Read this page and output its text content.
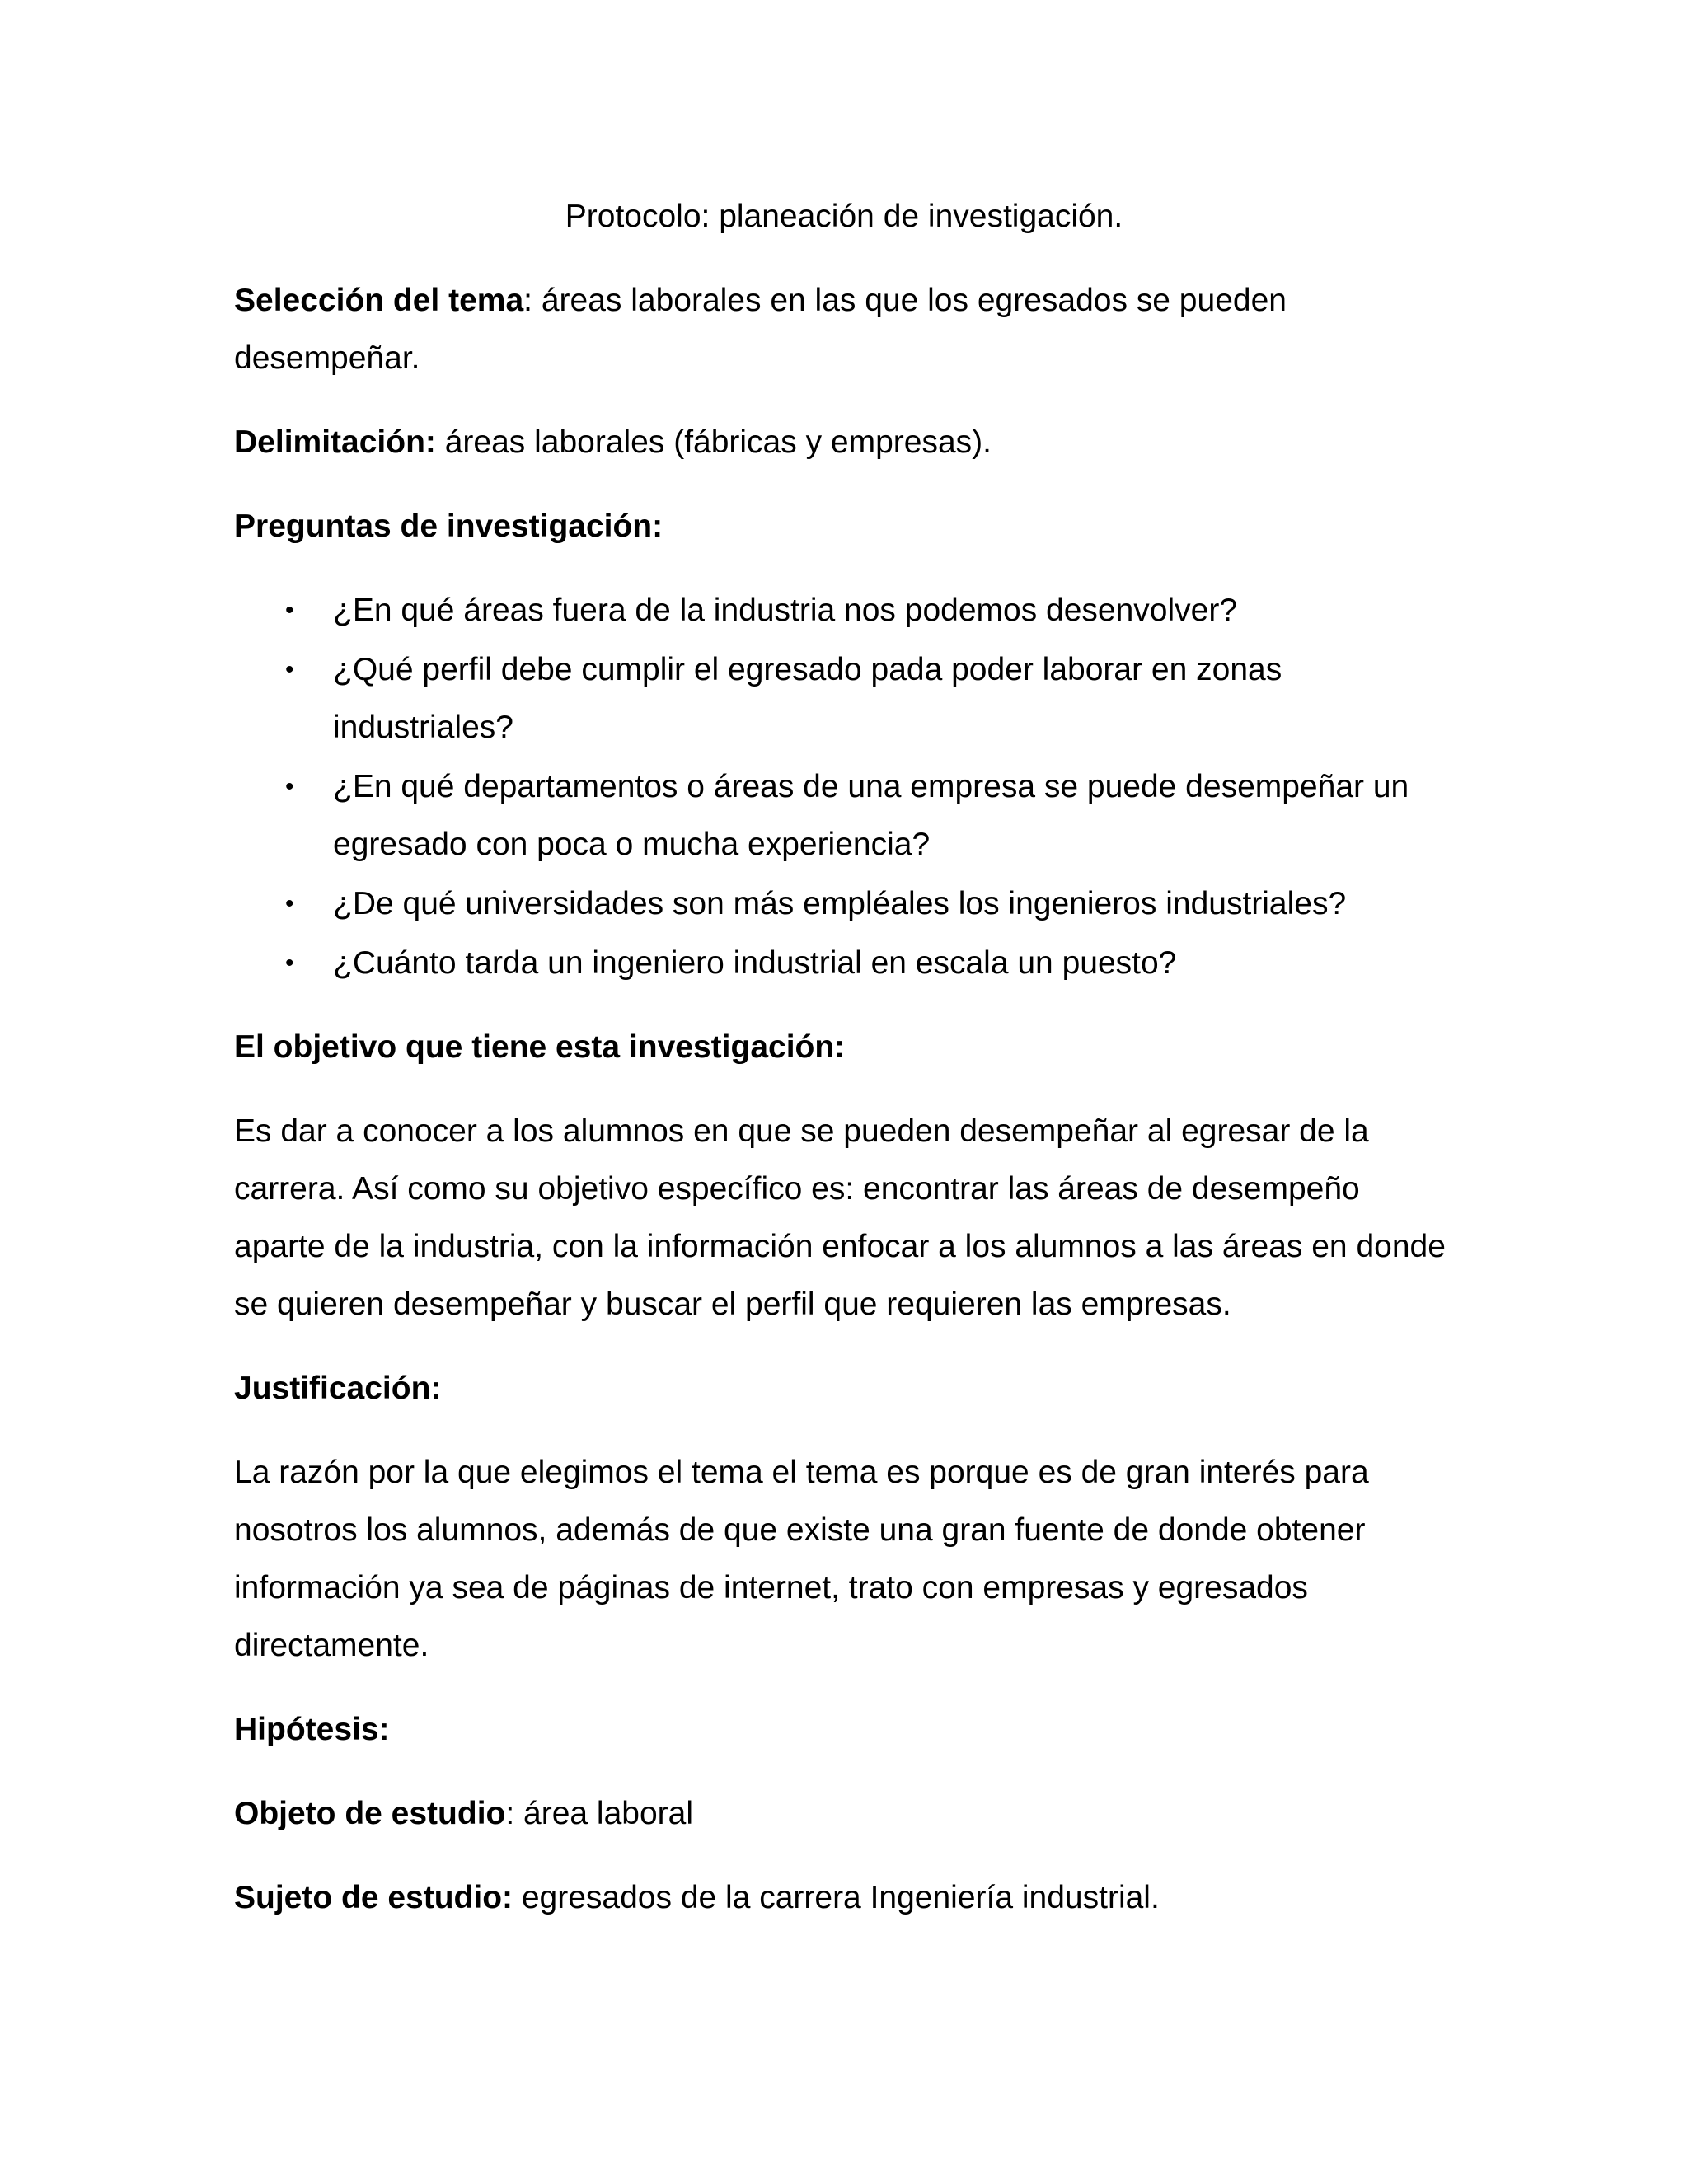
Protocolo: planeación de investigación.

Selección del tema: áreas laborales en las que los egresados se pueden desempeñar.

Delimitación: áreas laborales (fábricas y empresas).

Preguntas de investigación:

• ¿En qué áreas fuera de la industria nos podemos desenvolver?
• ¿Qué perfil debe cumplir el egresado pada poder laborar en zonas industriales?
• ¿En qué departamentos o áreas de una empresa se puede desempeñar un egresado con poca o mucha experiencia?
• ¿De qué universidades son más empléales los ingenieros industriales?
• ¿Cuánto tarda un ingeniero industrial en escala un puesto?

El objetivo que tiene esta investigación:

Es dar a conocer a los alumnos en que se pueden desempeñar al egresar de la carrera. Así como su objetivo específico es: encontrar las áreas de desempeño aparte de la industria, con la información enfocar a los alumnos a las áreas en donde se quieren desempeñar y buscar el perfil que requieren las empresas.

Justificación:

La razón por la que elegimos el tema el tema es porque es de gran interés para nosotros los alumnos, además de que existe una gran fuente de donde obtener información ya sea de páginas de internet, trato con empresas y egresados directamente.

Hipótesis:

Objeto de estudio: área laboral

Sujeto de estudio: egresados de la carrera Ingeniería industrial.
